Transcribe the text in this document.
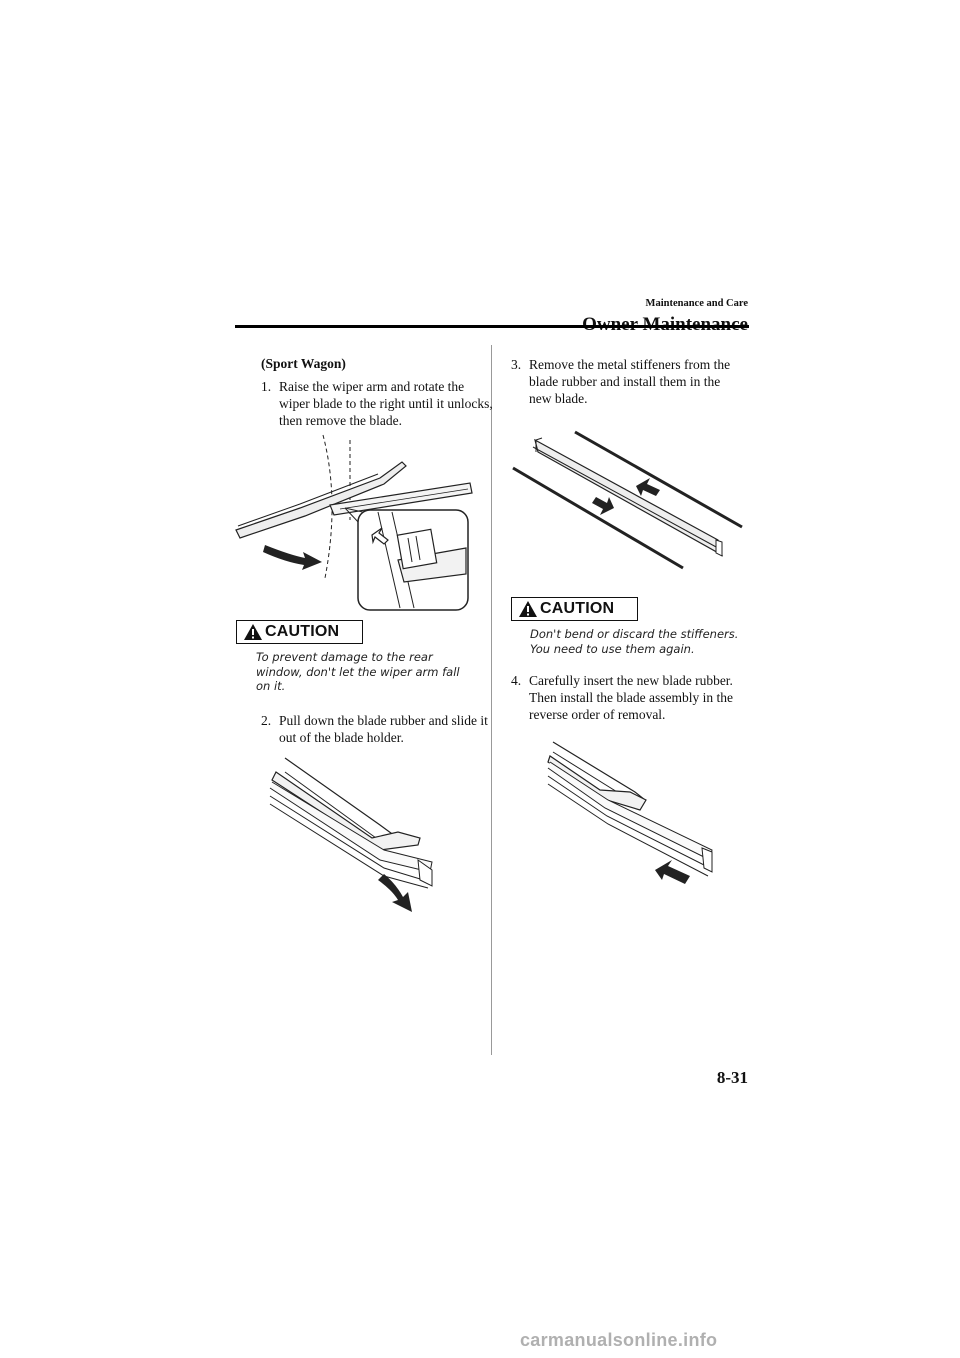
Maintenance and Care
(Sport Wagon)
1. Raise the wiper arm and rotate the wiper blade to the right until it unlocks, then remove the blade.
CAUTION
To prevent damage to the rear window, don't let the wiper arm fall on it.
2. Pull down the blade rubber and slide it out of the blade holder.
3. Remove the metal stiffeners from the blade rubber and install them in the new blade.
CAUTION
Don't bend or discard the stiffeners. You need to use them again.
4. Carefully insert the new blade rubber. Then install the blade assembly in the reverse order of removal.
8-31
carmanualsonline.info
